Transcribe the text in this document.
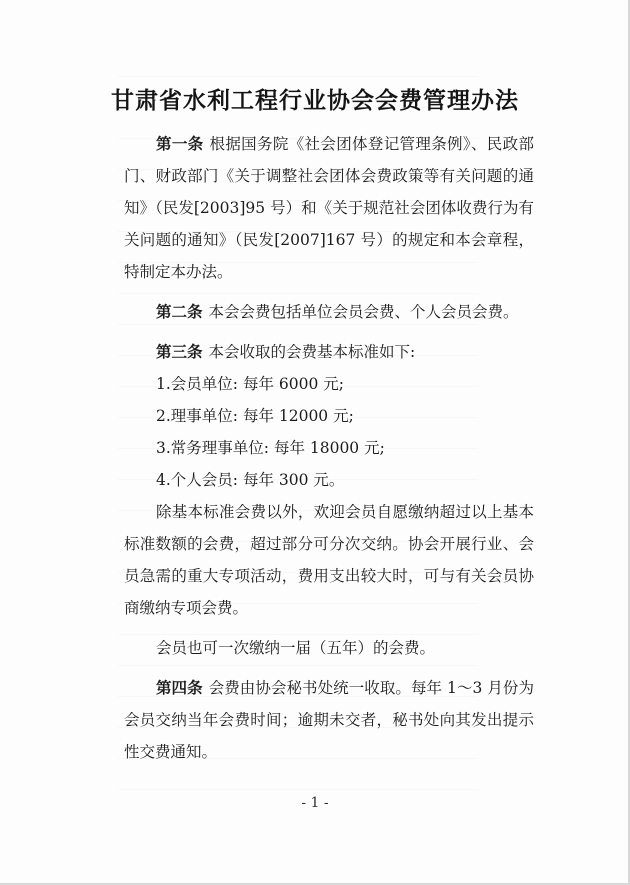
甘肃省水利工程行业协会会费管理办法

第一条 根据国务院《社会团体登记管理条例》、民政部门、财政部门《关于调整社会团体会费政策等有关问题的通知》（民发[2003]95 号）和《关于规范社会团体收费行为有关问题的通知》（民发[2007]167 号）的规定和本会章程，特制定本办法。

第二条 本会会费包括单位会员会费、个人会员会费。

第三条 本会收取的会费基本标准如下:

1.会员单位: 每年 6000 元;
2.理事单位: 每年 12000 元;
3.常务理事单位: 每年 18000 元;
4.个人会员: 每年 300 元。

除基本标准会费以外，欢迎会员自愿缴纳超过以上基本标准数额的会费，超过部分可分次交纳。协会开展行业、会员急需的重大专项活动，费用支出较大时，可与有关会员协商缴纳专项会费。

会员也可一次缴纳一届（五年）的会费。

第四条 会费由协会秘书处统一收取。每年 1～3 月份为会员交纳当年会费时间；逾期未交者，秘书处向其发出提示性交费通知。

- 1 -
